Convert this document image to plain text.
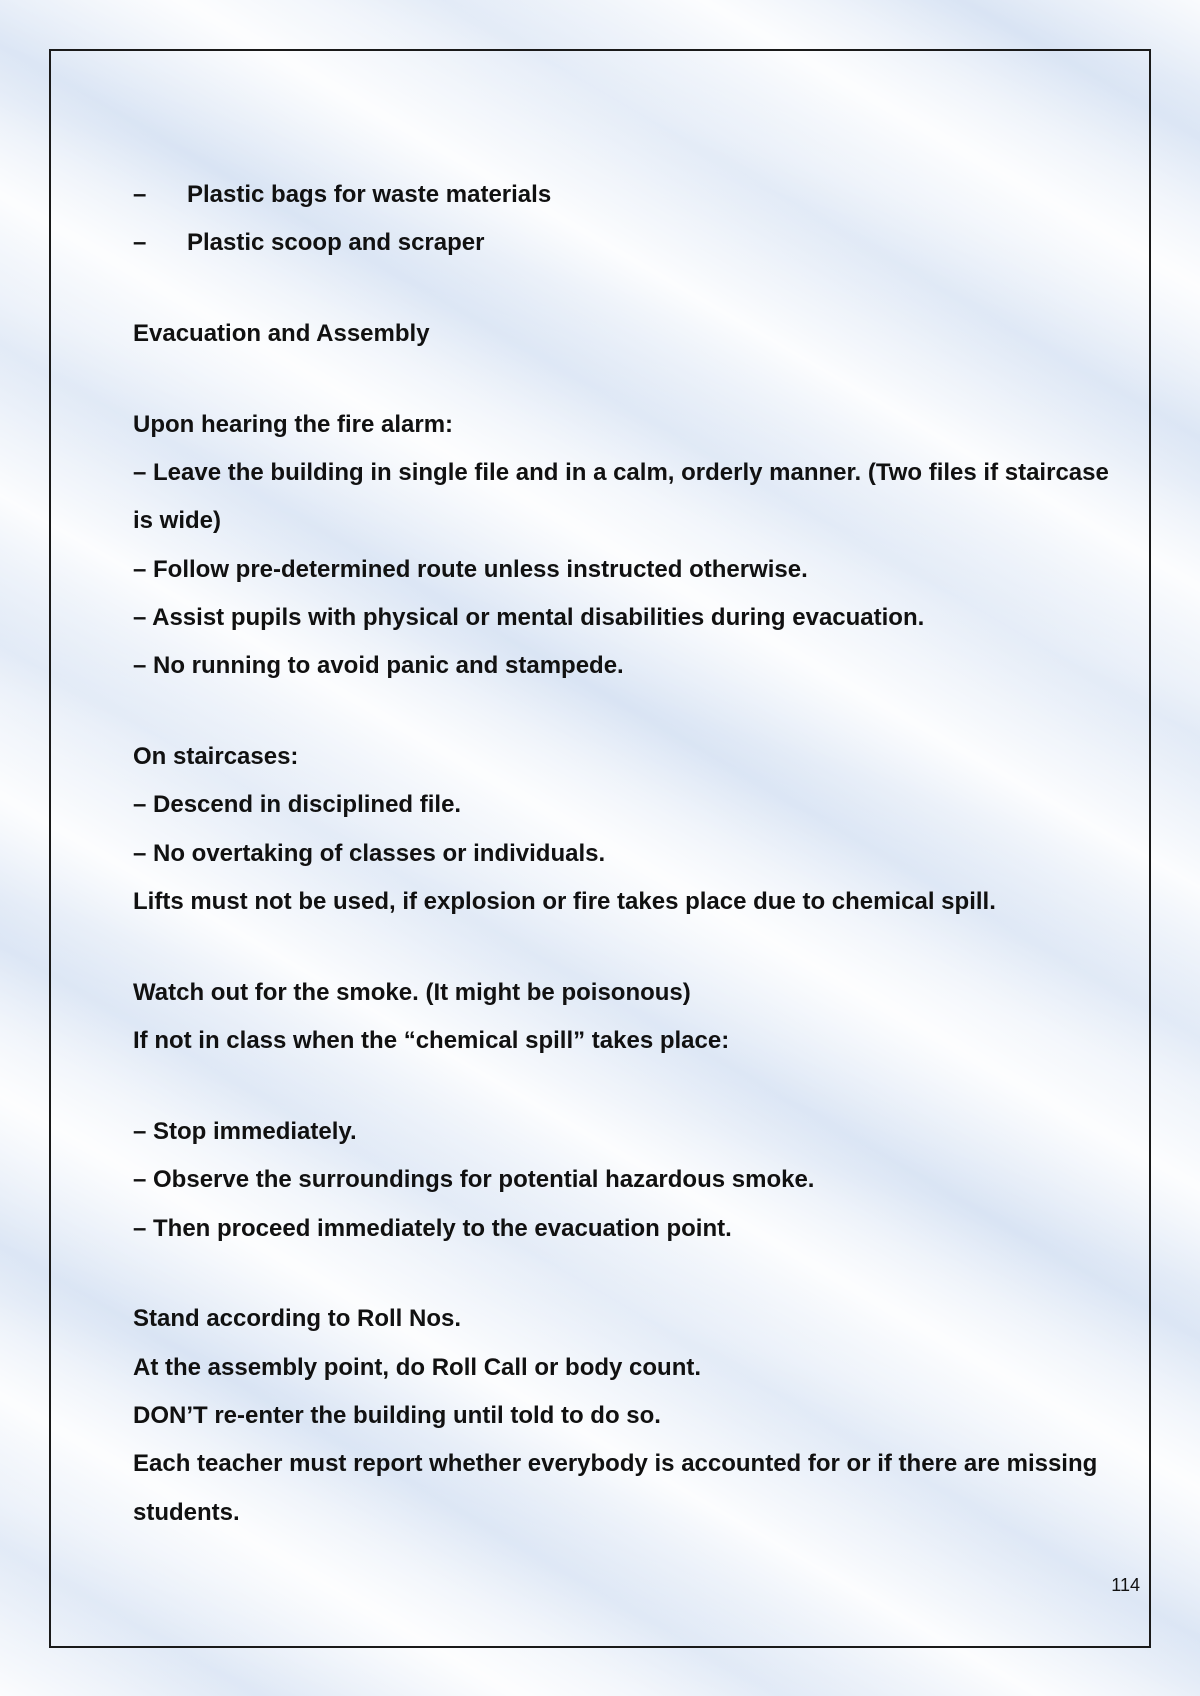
– Plastic bags for waste materials
– Plastic scoop and scraper

Evacuation and Assembly

Upon hearing the fire alarm:

– Leave the building in single file and in a calm, orderly manner. (Two files if staircase is wide)

– Follow pre-determined route unless instructed otherwise.

– Assist pupils with physical or mental disabilities during evacuation.

– No running to avoid panic and stampede.

On staircases:

– Descend in disciplined file.

– No overtaking of classes or individuals.

Lifts must not be used, if explosion or fire takes place due to chemical spill.

Watch out for the smoke. (It might be poisonous)

If not in class when the “chemical spill” takes place:

– Stop immediately.

– Observe the surroundings for potential hazardous smoke.

– Then proceed immediately to the evacuation point.

Stand according to Roll Nos.

At the assembly point, do Roll Call or body count.

DON’T re-enter the building until told to do so.

Each teacher must report whether everybody is accounted for or if there are missing students.

114
